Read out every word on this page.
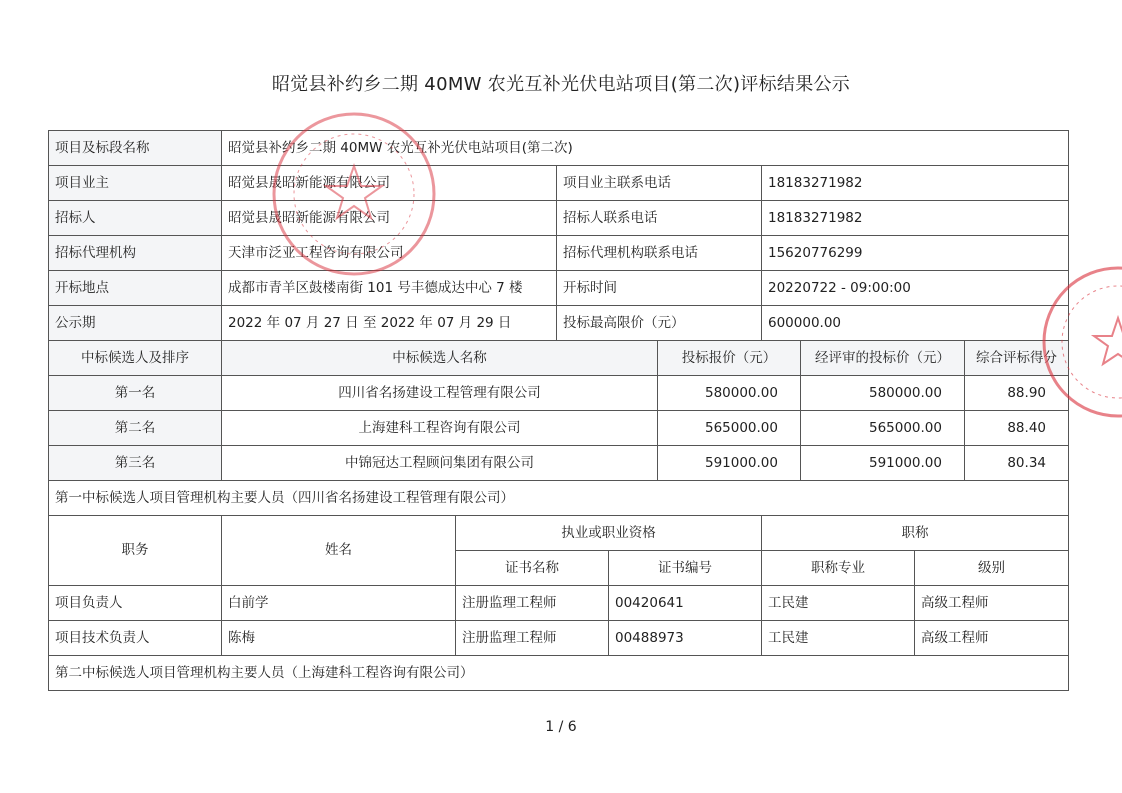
昭觉县补约乡二期 40MW 农光互补光伏电站项目(第二次)评标结果公示
项目及标段名称	昭觉县补约乡二期 40MW 农光互补光伏电站项目(第二次)		
项目业主	昭觉县晟昭新能源有限公司	项目业主联系电话	18183271982
招标人	昭觉县晟昭新能源有限公司	招标人联系电话	18183271982
招标代理机构	天津市泛亚工程咨询有限公司	招标代理机构联系电话	15620776299
开标地点	成都市青羊区鼓楼南街 101 号丰德成达中心 7 楼	开标时间	20220722 - 09:00:00
公示期	2022 年 07 月 27 日 至 2022 年 07 月 29 日	投标最高限价（元）	600000.00
中标候选人及排序	中标候选人名称	投标报价（元）	经评审的投标价（元）	综合评标得分
第一名	四川省名扬建设工程管理有限公司	580000.00	580000.00	88.90
第二名	上海建科工程咨询有限公司	565000.00	565000.00	88.40
第三名	中锦冠达工程顾问集团有限公司	591000.00	591000.00	80.34
第一中标候选人项目管理机构主要人员（四川省名扬建设工程管理有限公司）					
职务	姓名	执业或职业资格		职称	
		证书名称	证书编号	职称专业	级别
项目负责人	白前学	注册监理工程师	00420641	工民建	高级工程师
项目技术负责人	陈梅	注册监理工程师	00488973	工民建	高级工程师
第二中标候选人项目管理机构主要人员（上海建科工程咨询有限公司）					
1 / 6
